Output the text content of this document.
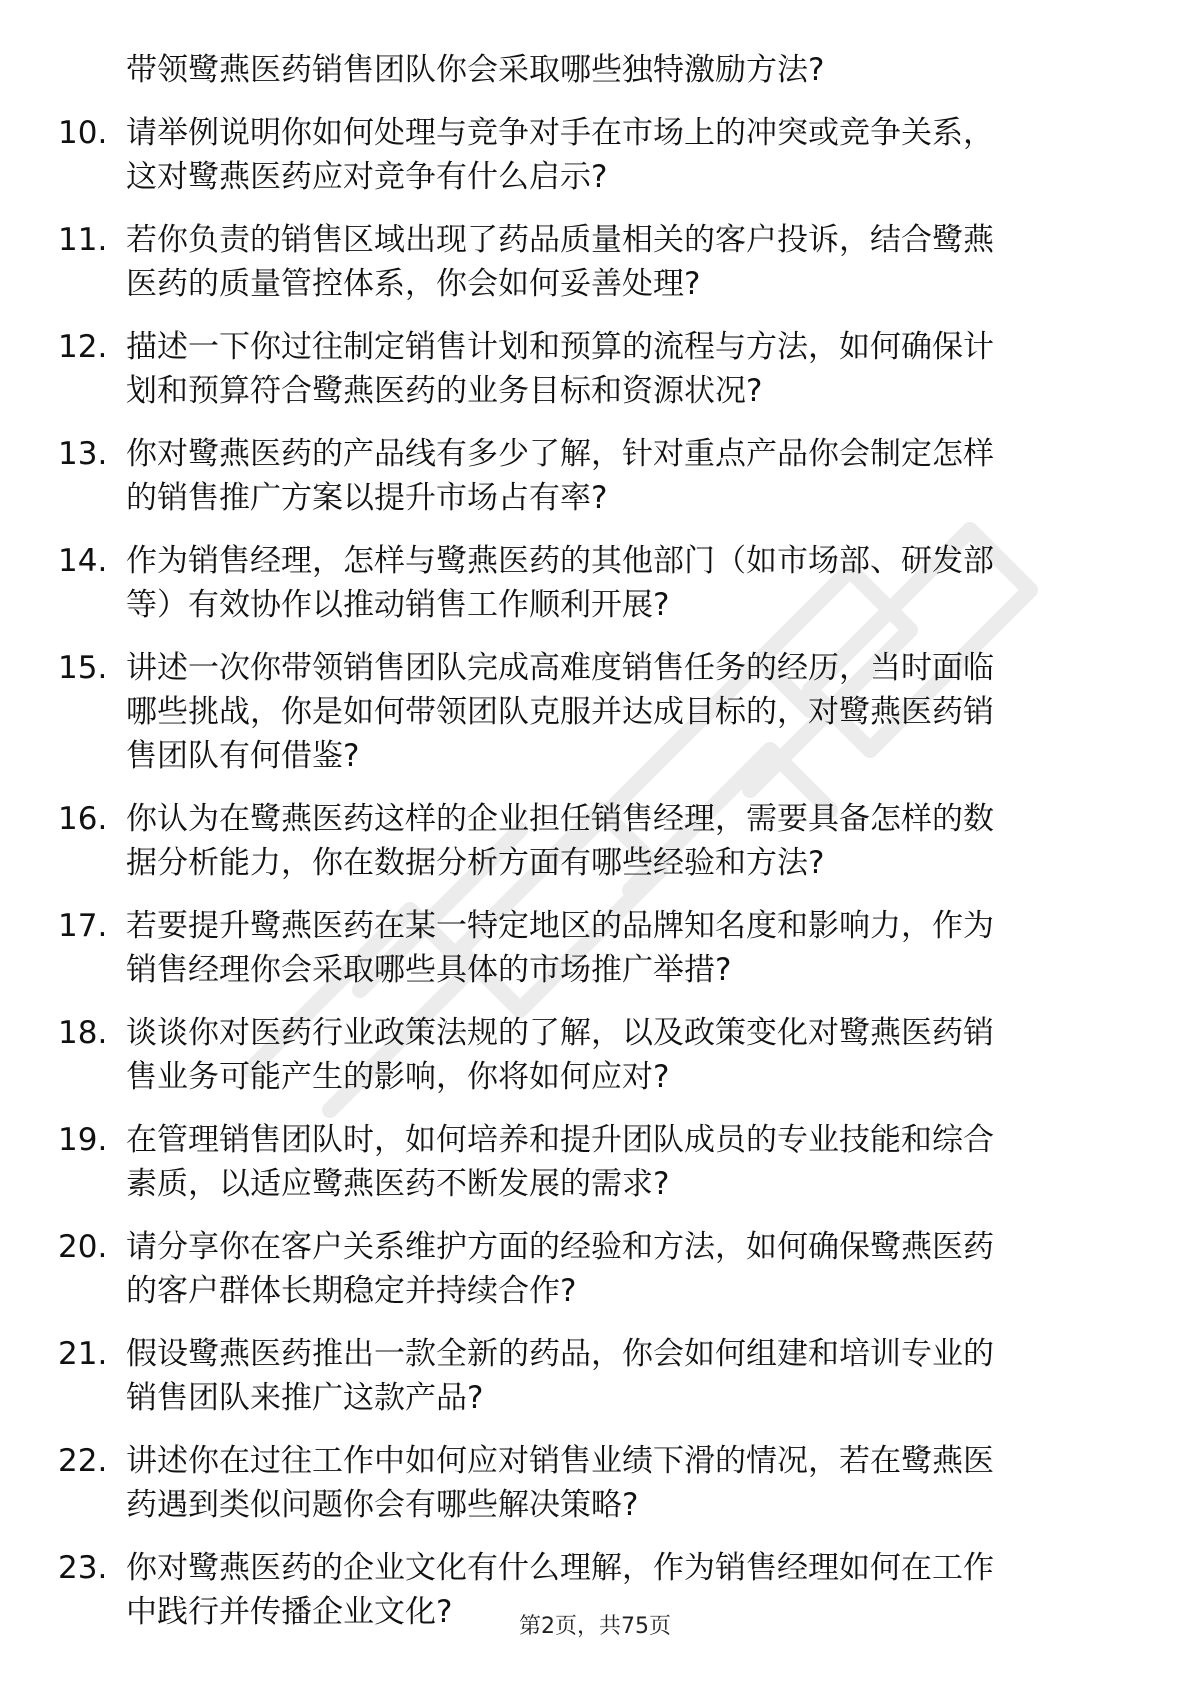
带领鹭燕医药销售团队你会采取哪些独特激励方法?
10. 请举例说明你如何处理与竞争对手在市场上的冲突或竞争关系，
这对鹭燕医药应对竞争有什么启示?
11. 若你负责的销售区域出现了药品质量相关的客户投诉，结合鹭燕
医药的质量管控体系，你会如何妥善处理?
12. 描述一下你过往制定销售计划和预算的流程与方法，如何确保计
划和预算符合鹭燕医药的业务目标和资源状况?
13. 你对鹭燕医药的产品线有多少了解，针对重点产品你会制定怎样
的销售推广方案以提升市场占有率?
14. 作为销售经理，怎样与鹭燕医药的其他部门（如市场部、研发部
等）有效协作以推动销售工作顺利开展?
15. 讲述一次你带领销售团队完成高难度销售任务的经历，当时面临
哪些挑战，你是如何带领团队克服并达成目标的，对鹭燕医药销
售团队有何借鉴?
16. 你认为在鹭燕医药这样的企业担任销售经理，需要具备怎样的数
据分析能力，你在数据分析方面有哪些经验和方法?
17. 若要提升鹭燕医药在某一特定地区的品牌知名度和影响力，作为
销售经理你会采取哪些具体的市场推广举措?
18. 谈谈你对医药行业政策法规的了解，以及政策变化对鹭燕医药销
售业务可能产生的影响，你将如何应对?
19. 在管理销售团队时，如何培养和提升团队成员的专业技能和综合
素质，以适应鹭燕医药不断发展的需求?
20. 请分享你在客户关系维护方面的经验和方法，如何确保鹭燕医药
的客户群体长期稳定并持续合作?
21. 假设鹭燕医药推出一款全新的药品，你会如何组建和培训专业的
销售团队来推广这款产品?
22. 讲述你在过往工作中如何应对销售业绩下滑的情况，若在鹭燕医
药遇到类似问题你会有哪些解决策略?
23. 你对鹭燕医药的企业文化有什么理解，作为销售经理如何在工作
中践行并传播企业文化?	第2页，共75页
